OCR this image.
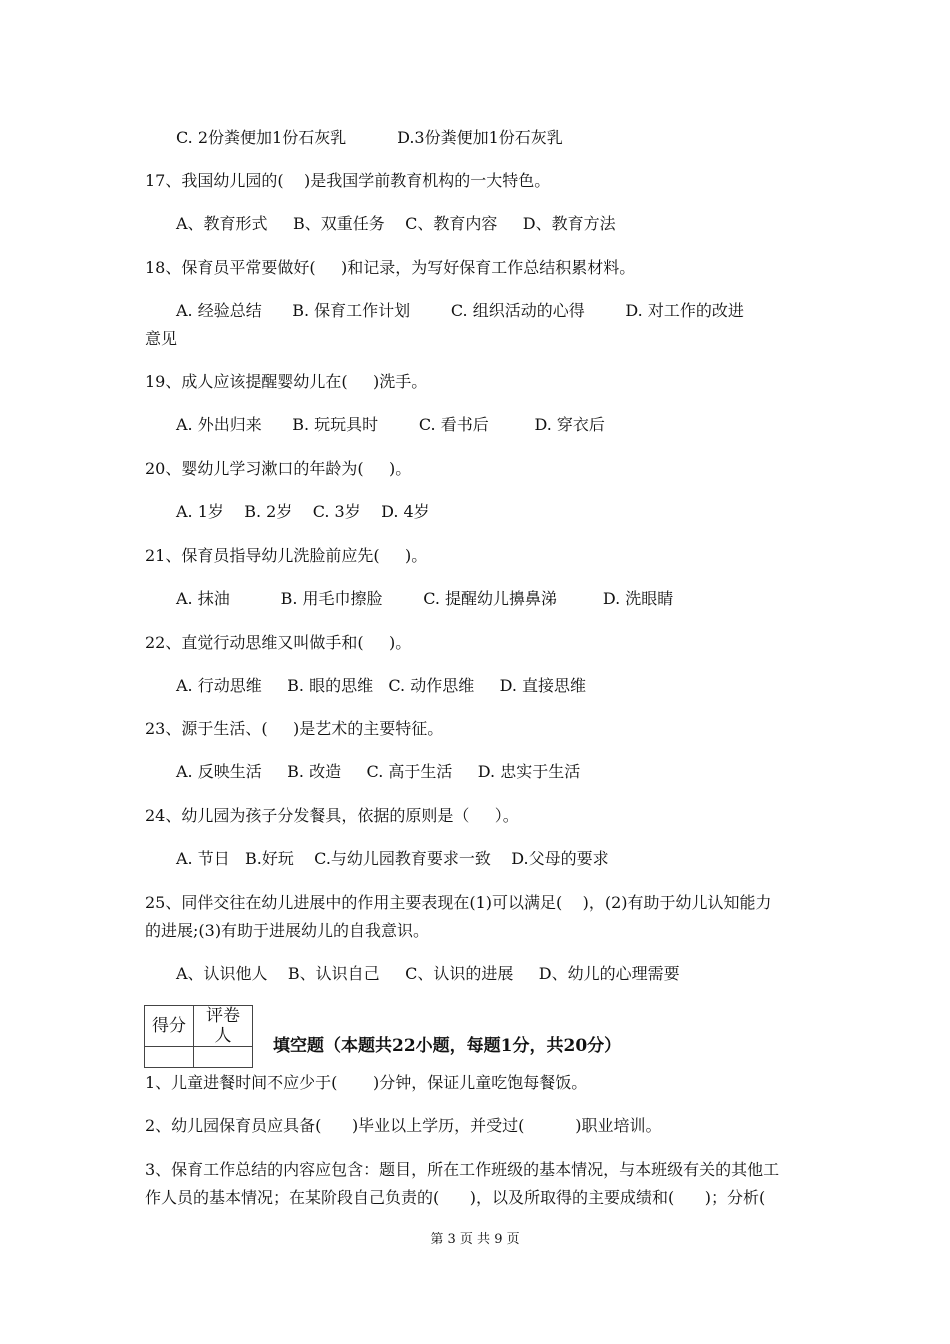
C. 2份粪便加1份石灰乳          D.3份粪便加1份石灰乳
17、我国幼儿园的(    )是我国学前教育机构的一大特色。
A、教育形式     B、双重任务    C、教育内容     D、教育方法
18、保育员平常要做好(     )和记录，为写好保育工作总结积累材料。
A. 经验总结      B. 保育工作计划        C. 组织活动的心得        D. 对工作的改进
意见
19、成人应该提醒婴幼儿在(     )洗手。
A. 外出归来      B. 玩玩具时        C. 看书后         D. 穿衣后
20、婴幼儿学习漱口的年龄为(     )。
A. 1岁    B. 2岁    C. 3岁    D. 4岁
21、保育员指导幼儿洗脸前应先(     )。
A. 抹油          B. 用毛巾擦脸        C. 提醒幼儿擤鼻涕         D. 洗眼睛
22、直觉行动思维又叫做手和(     )。
A. 行动思维     B. 眼的思维   C. 动作思维     D. 直接思维
23、源于生活、(     )是艺术的主要特征。
A. 反映生活     B. 改造     C. 高于生活     D. 忠实于生活
24、幼儿园为孩子分发餐具，依据的原则是（     ）。
A. 节日   B.好玩    C.与幼儿园教育要求一致    D.父母的要求
25、同伴交往在幼儿进展中的作用主要表现在(1)可以满足(    )，(2)有助于幼儿认知能力
的进展;(3)有助于进展幼儿的自我意识。
A、认识他人    B、认识自己     C、认识的进展     D、幼儿的心理需要
得分	评卷人
	填空题（本题共22小题，每题1分，共20分）
1、儿童进餐时间不应少于(       )分钟，保证儿童吃饱每餐饭。
2、幼儿园保育员应具备(      )毕业以上学历，并受过(          )职业培训。
3、保育工作总结的内容应包含：题目，所在工作班级的基本情况，与本班级有关的其他工
作人员的基本情况；在某阶段自己负责的(      )，以及所取得的主要成绩和(      )；分析(
第 3 页 共 9 页
